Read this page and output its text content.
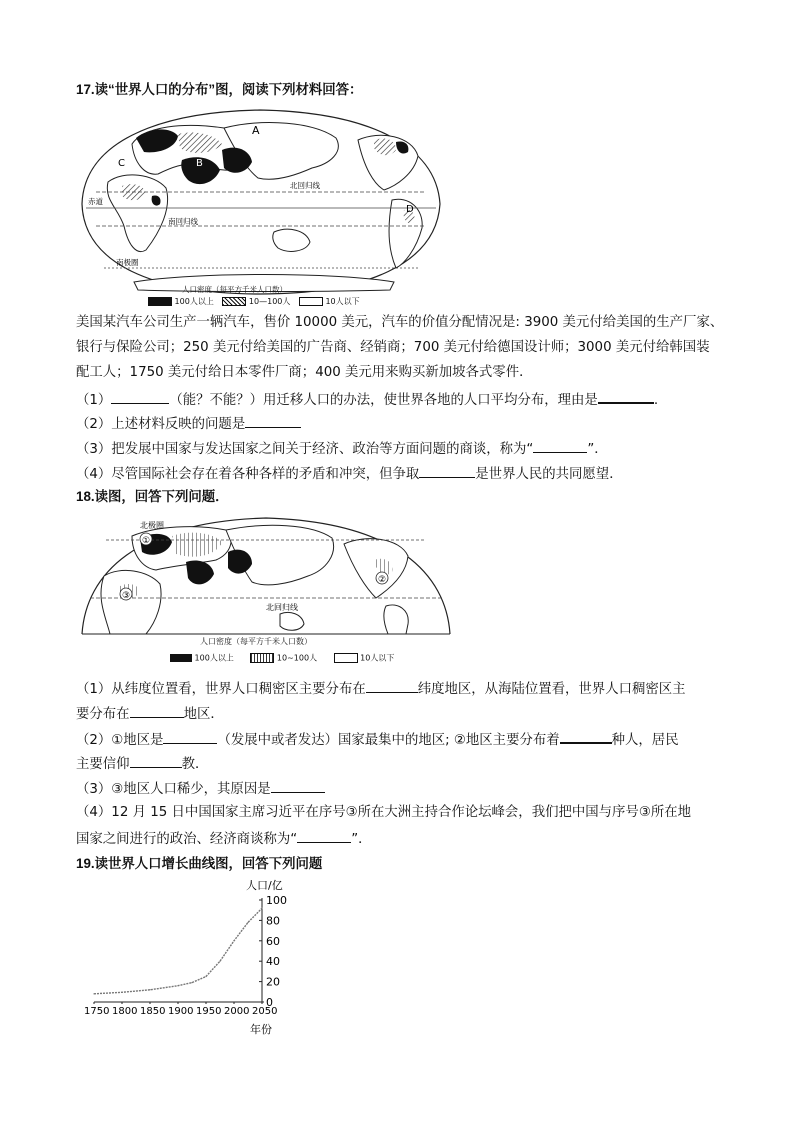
17.读“世界人口的分布”图，阅读下列材料回答：
A
B
C
D
北回归线
赤道
南回归线
南极圈
人口密度（每平方千米人口数）
100人以上	10—100人	10人以下
美国某汽车公司生产一辆汽车，售价 10000 美元，汽车的价值分配情况是: 3900 美元付给美国的生产厂家、
银行与保险公司；250 美元付给美国的广告商、经销商；700 美元付给德国设计师；3000 美元付给韩国装
配工人；1750 美元付给日本零件厂商；400 美元用来购买新加坡各式零件．
（1）	（能？不能？）用迁移人口的办法，使世界各地的人口平均分布，理由是	.
（2）上述材料反映的问题是
（3）把发展中国家与发达国家之间关于经济、政治等方面问题的商谈，称为“	”．
（4）尽管国际社会存在着各种各样的矛盾和冲突，但争取	是世界人民的共同愿望．
18.读图，回答下列问题．
北极圈
北回归线
①
②
③
人口密度（每平方千米人口数）
100人以上	10~100人	10人以下
（1）从纬度位置看，世界人口稠密区主要分布在	纬度地区，从海陆位置看，世界人口稠密区主
要分布在	地区．
（2）①地区是	（发展中或者发达）国家最集中的地区; ②地区主要分布着	种人，居民
主要信仰	教．
（3）③地区人口稀少，其原因是
（4）12 月 15 日中国国家主席习近平在序号③所在大洲主持合作论坛峰会，我们把中国与序号③所在地
国家之间进行的政治、经济商谈称为“	”．
19.读世界人口增长曲线图，回答下列问题
人口/亿
年份
0
20
40
60
80
100
1750 1800 1850 1900 1950 2000 2050
